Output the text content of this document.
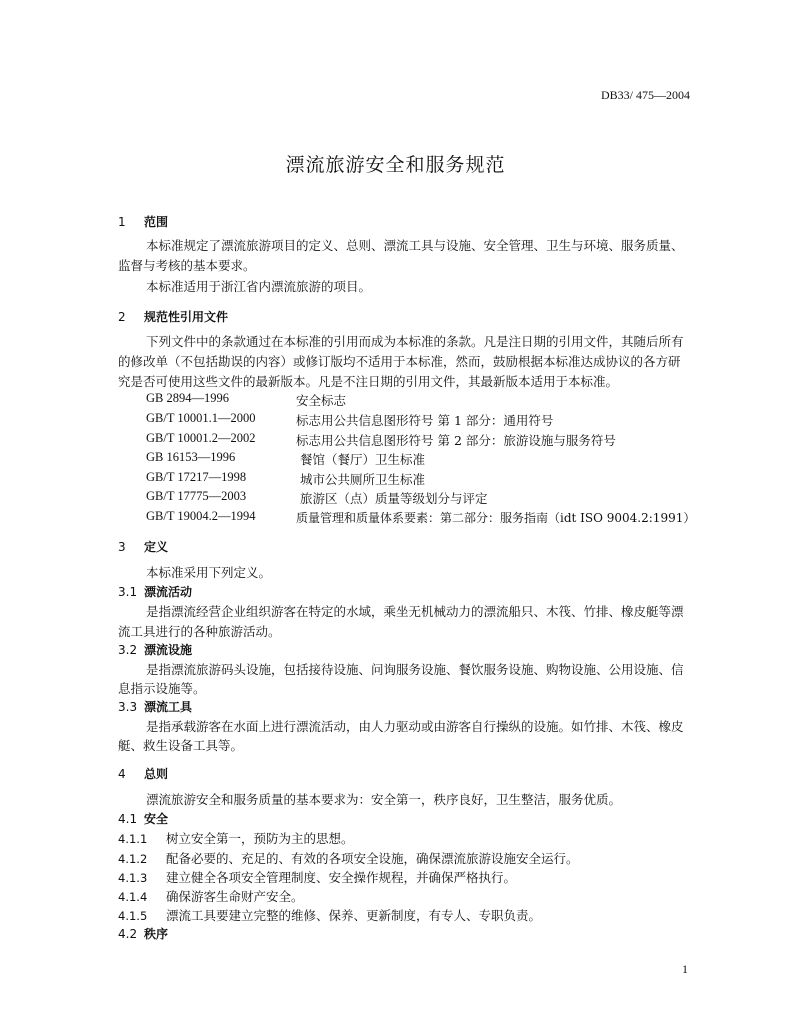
DB33/ 475—2004
漂流旅游安全和服务规范
1 范围
本标准规定了漂流旅游项目的定义、总则、漂流工具与设施、安全管理、卫生与环境、服务质量、
监督与考核的基本要求。
本标准适用于浙江省内漂流旅游的项目。
2 规范性引用文件
下列文件中的条款通过在本标准的引用而成为本标准的条款。凡是注日期的引用文件，其随后所有
的修改单（不包括勘误的内容）或修订版均不适用于本标准，然而，鼓励根据本标准达成协议的各方研
究是否可使用这些文件的最新版本。凡是不注日期的引用文件，其最新版本适用于本标准。
GB 2894—1996	安全标志
GB/T 10001.1—2000	标志用公共信息图形符号 第 1 部分：通用符号
GB/T 10001.2—2002	标志用公共信息图形符号 第 2 部分：旅游设施与服务符号
GB 16153—1996	餐馆（餐厅）卫生标准
GB/T 17217—1998	城市公共厕所卫生标准
GB/T 17775—2003	旅游区（点）质量等级划分与评定
GB/T 19004.2—1994	质量管理和质量体系要素：第二部分：服务指南（idt ISO 9004.2:1991）
3 定义
本标准采用下列定义。
3.1 漂流活动
是指漂流经营企业组织游客在特定的水域，乘坐无机械动力的漂流船只、木筏、竹排、橡皮艇等漂
流工具进行的各种旅游活动。
3.2 漂流设施
是指漂流旅游码头设施，包括接待设施、问询服务设施、餐饮服务设施、购物设施、公用设施、信
息指示设施等。
3.3 漂流工具
是指承载游客在水面上进行漂流活动，由人力驱动或由游客自行操纵的设施。如竹排、木筏、橡皮
艇、救生设备工具等。
4 总则
漂流旅游安全和服务质量的基本要求为：安全第一，秩序良好，卫生整洁，服务优质。
4.1 安全
4.1.1 树立安全第一，预防为主的思想。
4.1.2 配备必要的、充足的、有效的各项安全设施，确保漂流旅游设施安全运行。
4.1.3 建立健全各项安全管理制度、安全操作规程，并确保严格执行。
4.1.4 确保游客生命财产安全。
4.1.5 漂流工具要建立完整的维修、保养、更新制度，有专人、专职负责。
4.2 秩序
1
